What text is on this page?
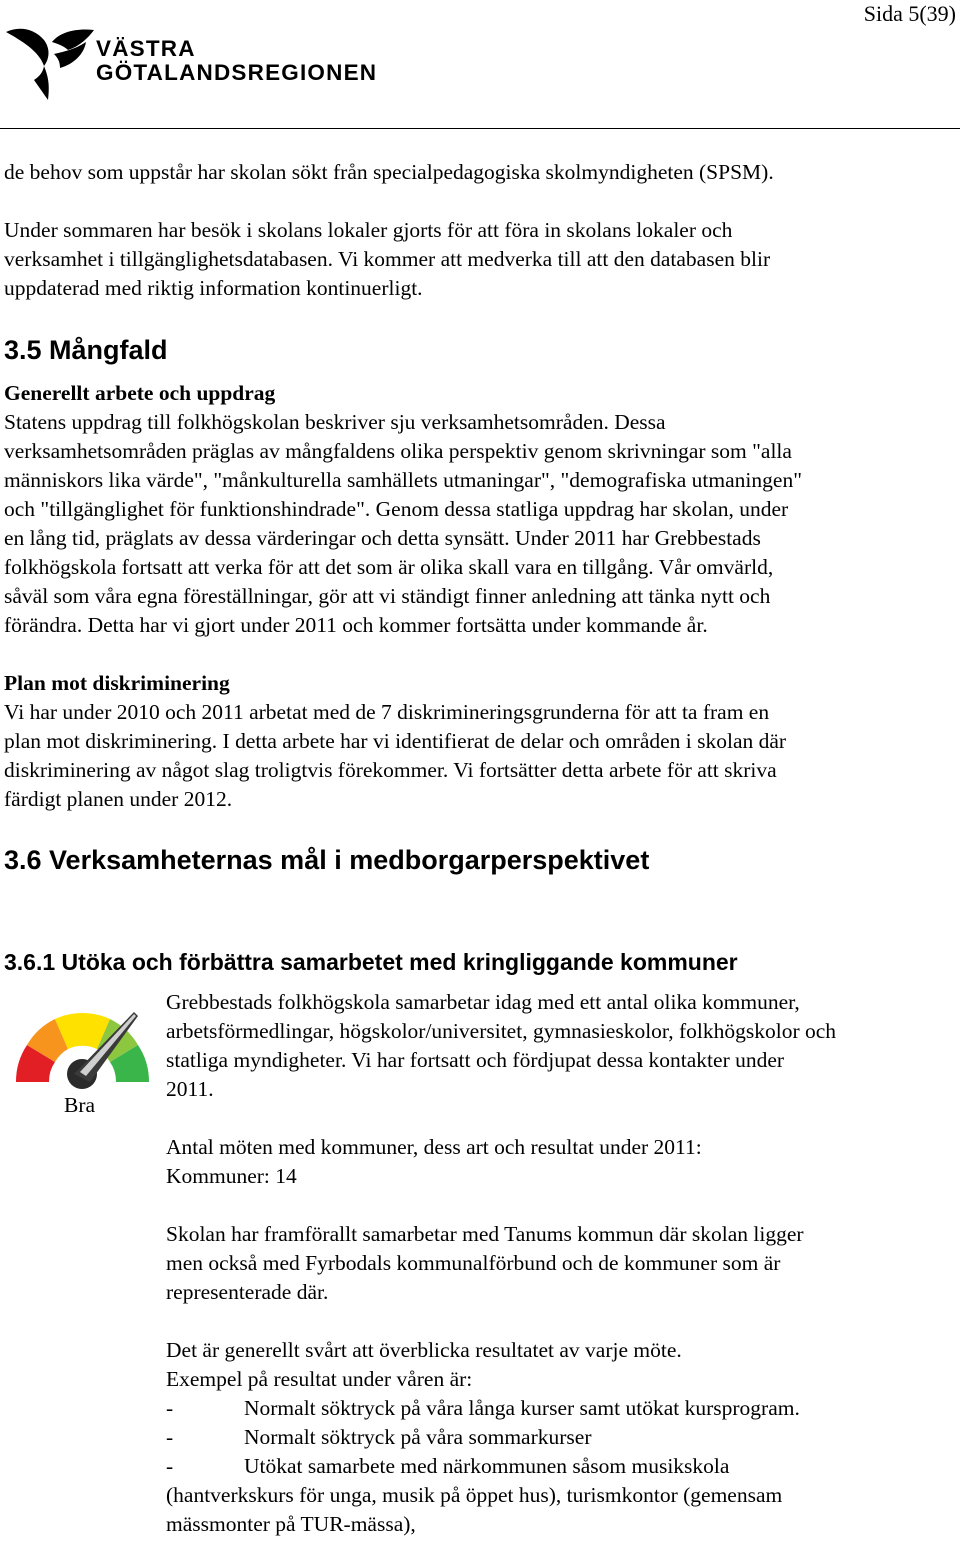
Sida 5(39)
VÄSTRA
GÖTALANDSREGIONEN
de behov som uppstår har skolan sökt från specialpedagogiska skolmyndigheten (SPSM).
Under sommaren har besök i skolans lokaler gjorts för att föra in skolans lokaler och
verksamhet i tillgänglighetsdatabasen. Vi kommer att medverka till att den databasen blir
uppdaterad med riktig information kontinuerligt.
3.5 Mångfald
Generellt arbete och uppdrag
Statens uppdrag till folkhögskolan beskriver sju verksamhetsområden. Dessa
verksamhetsområden präglas av mångfaldens olika perspektiv genom skrivningar som "alla
människors lika värde", "månkulturella samhällets utmaningar", "demografiska utmaningen"
och "tillgänglighet för funktionshindrade". Genom dessa statliga uppdrag har skolan, under
en lång tid, präglats av dessa värderingar och detta synsätt. Under 2011 har Grebbestads
folkhögskola fortsatt att verka för att det som är olika skall vara en tillgång. Vår omvärld,
såväl som våra egna föreställningar, gör att vi ständigt finner anledning att tänka nytt och
förändra. Detta har vi gjort under 2011 och kommer fortsätta under kommande år.
Plan mot diskriminering
Vi har under 2010 och 2011 arbetat med de 7 diskrimineringsgrunderna för att ta fram en
plan mot diskriminering. I detta arbete har vi identifierat de delar och områden i skolan där
diskriminering av något slag troligtvis förekommer. Vi fortsätter detta arbete för att skriva
färdigt planen under 2012.
3.6 Verksamheternas mål i medborgarperspektivet
3.6.1 Utöka och förbättra samarbetet med kringliggande kommuner
Bra
Grebbestads folkhögskola samarbetar idag med ett antal olika kommuner,
arbetsförmedlingar, högskolor/universitet, gymnasieskolor, folkhögskolor och
statliga myndigheter. Vi har fortsatt och fördjupat dessa kontakter under
2011.
Antal möten med kommuner, dess art och resultat under 2011:
Kommuner: 14
Skolan har framförallt samarbetar med Tanums kommun där skolan ligger
men också med Fyrbodals kommunalförbund och de kommuner som är
representerade där.
Det är generellt svårt att överblicka resultatet av varje möte.
Exempel på resultat under våren är:
-	Normalt söktryck på våra långa kurser samt utökat kursprogram.
-	Normalt söktryck på våra sommarkurser
-	Utökat samarbete med närkommunen såsom musikskola
(hantverkskurs för unga, musik på öppet hus), turismkontor (gemensam
mässmonter på TUR-mässa),
